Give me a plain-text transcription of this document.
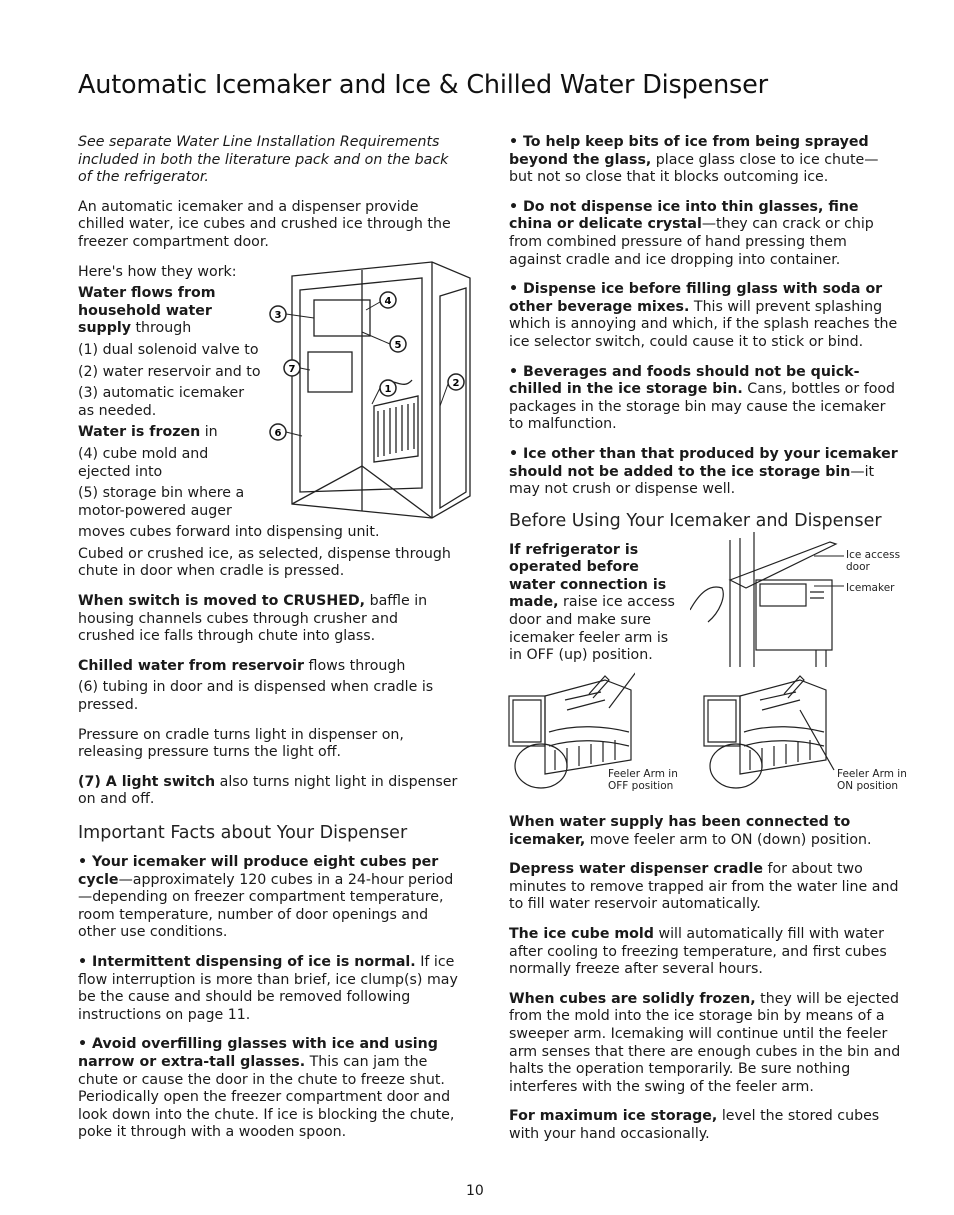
Automatic Icemaker and Ice & Chilled Water Dispenser

See separate Water Line Installation Requirements included in both the literature pack and on the back of the refrigerator.

An automatic icemaker and a dispenser provide chilled water, ice cubes and crushed ice through the freezer compartment door.

Here's how they work:

Water flows from household water supply through

(1) dual solenoid valve to

(2) water reservoir and to

(3) automatic icemaker as needed.

Water is frozen in

(4) cube mold and ejected into

(5) storage bin where a motor-powered auger

moves cubes forward into dispensing unit.

Cubed or crushed ice, as selected, dispense through chute in door when cradle is pressed.

When switch is moved to CRUSHED, baffle in housing channels cubes through crusher and crushed ice falls through chute into glass.

Chilled water from reservoir flows through

(6) tubing in door and is dispensed when cradle is pressed.

Pressure on cradle turns light in dispenser on, releasing pressure turns the light off.

(7) A light switch also turns night light in dispenser on and off.

Important Facts about Your Dispenser

• Your icemaker will produce eight cubes per cycle—approximately 120 cubes in a 24-hour period—depending on freezer compartment temperature, room temperature, number of door openings and other use conditions.

• Intermittent dispensing of ice is normal. If ice flow interruption is more than brief, ice clump(s) may be the cause and should be removed following instructions on page 11.

• Avoid overfilling glasses with ice and using narrow or extra-tall glasses. This can jam the chute or cause the door in the chute to freeze shut. Periodically open the freezer compartment door and look down into the chute. If ice is blocking the chute, poke it through with a wooden spoon.

3
4
5
7
1
2
6

• To help keep bits of ice from being sprayed beyond the glass, place glass close to ice chute—but not so close that it blocks outcoming ice.

• Do not dispense ice into thin glasses, fine china or delicate crystal—they can crack or chip from combined pressure of hand pressing them against cradle and ice dropping into container.

• Dispense ice before filling glass with soda or other beverage mixes. This will prevent splashing which is annoying and which, if the splash reaches the ice selector switch, could cause it to stick or bind.

• Beverages and foods should not be quick-chilled in the ice storage bin. Cans, bottles or food packages in the storage bin may cause the icemaker to malfunction.

• Ice other than that produced by your icemaker should not be added to the ice storage bin—it may not crush or dispense well.

Before Using Your Icemaker and Dispenser

If refrigerator is operated before water connection is made, raise ice access door and make sure icemaker feeler arm is in OFF (up) position.

Ice access door
Icemaker
Feeler Arm in OFF position
Feeler Arm in ON position

When water supply has been connected to icemaker, move feeler arm to ON (down) position.

Depress water dispenser cradle for about two minutes to remove trapped air from the water line and to fill water reservoir automatically.

The ice cube mold will automatically fill with water after cooling to freezing temperature, and first cubes normally freeze after several hours.

When cubes are solidly frozen, they will be ejected from the mold into the ice storage bin by means of a sweeper arm. Icemaking will continue until the feeler arm senses that there are enough cubes in the bin and halts the operation temporarily. Be sure nothing interferes with the swing of the feeler arm.

For maximum ice storage, level the stored cubes with your hand occasionally.

10
